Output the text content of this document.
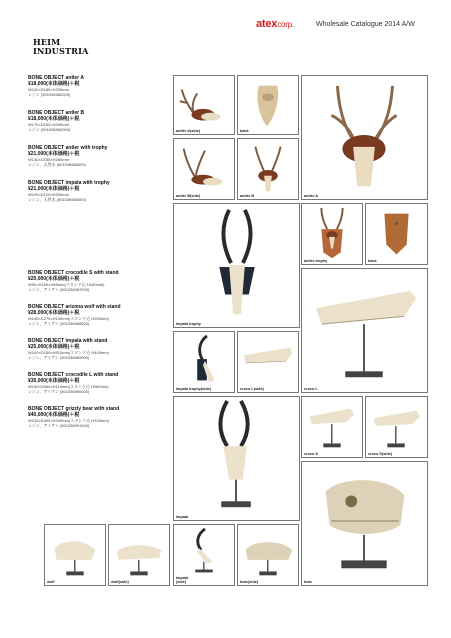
atexcorp.	Wholesale Catalogue 2014 A/W
HEIM
INDUSTRIA
BONE OBJECT antler A
¥18,000(本体価格)＋税
W130×D180×H205mm
レジン (501036982000)
BONE OBJECT antler B
¥18,000(本体価格)＋税
W175×D160×H290mm
レジン (501036984000)
BONE OBJECT antler with trophy
¥21,000(本体価格)＋税
W130×D165×H260mm
レジン、天然木 (501036985000)
BONE OBJECT impala with trophy
¥21,000(本体価格)＋税
W125×D120×H330mm
レジン、天然木 (501036986000)
BONE OBJECT crocodile S with stand
¥20,000(本体価格)＋税
W90×D160×H65mm(スタンド込 H160mm)
レジン、アイアン (501036987000)
BONE OBJECT arizona wolf with stand
¥28,000(本体価格)＋税
W145×D270×H130mm(スタンド込 H250mm)
レジン、アイアン (501036988000)
BONE OBJECT impala with stand
¥25,000(本体価格)＋税
W100×D180×H510mm(スタンド込 H440mm)
レジン、アイアン (501036989000)
BONE OBJECT crocodile L with stand
¥35,000(本体価格)＋税
W150×D560×H110mm(スタンド込 H280mm)
レジン、アイアン (501036990000)
BONE OBJECT grizzly bear with stand
¥40,000(本体価格)＋税
W215×D405×H240mm(スタンド込 H320mm)
レジン、アイアン (501036991000)
antler A(side)	back
antler A
antler B(side)	antler B
impala trophy
antler trophy	back
croco L
impala trophy(side)	croco L(side)
impala
croco S	croco S(side)
bear
wolf	wolf(side)
impala
(side)	bear(side)
